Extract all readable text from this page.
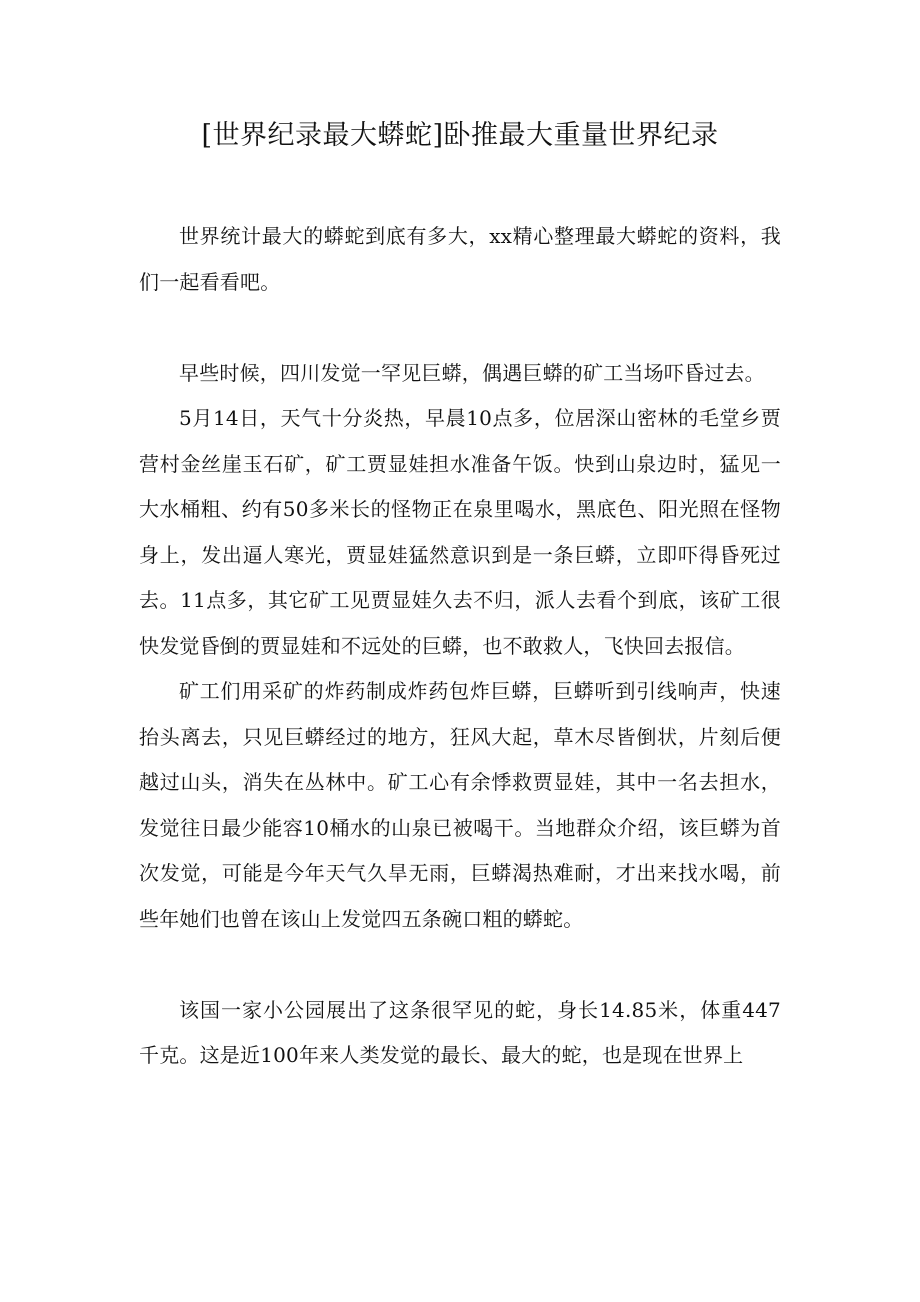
[世界纪录最大蟒蛇]卧推最大重量世界纪录

世界统计最大的蟒蛇到底有多大，xx精心整理最大蟒蛇的资料，我们一起看看吧。

早些时候，四川发觉一罕见巨蟒，偶遇巨蟒的矿工当场吓昏过去。

5月14日，天气十分炎热，早晨10点多，位居深山密林的毛堂乡贾营村金丝崖玉石矿，矿工贾显娃担水准备午饭。快到山泉边时，猛见一大水桶粗、约有50多米长的怪物正在泉里喝水，黑底色、阳光照在怪物身上，发出逼人寒光，贾显娃猛然意识到是一条巨蟒，立即吓得昏死过去。11点多，其它矿工见贾显娃久去不归，派人去看个到底，该矿工很快发觉昏倒的贾显娃和不远处的巨蟒，也不敢救人，飞快回去报信。

矿工们用采矿的炸药制成炸药包炸巨蟒，巨蟒听到引线响声，快速抬头离去，只见巨蟒经过的地方，狂风大起，草木尽皆倒状，片刻后便越过山头，消失在丛林中。矿工心有余悸救贾显娃，其中一名去担水，发觉往日最少能容10桶水的山泉已被喝干。当地群众介绍，该巨蟒为首次发觉，可能是今年天气久旱无雨，巨蟒渴热难耐，才出来找水喝，前些年她们也曾在该山上发觉四五条碗口粗的蟒蛇。

该国一家小公园展出了这条很罕见的蛇，身长14.85米，体重447千克。这是近100年来人类发觉的最长、最大的蛇，也是现在世界上
